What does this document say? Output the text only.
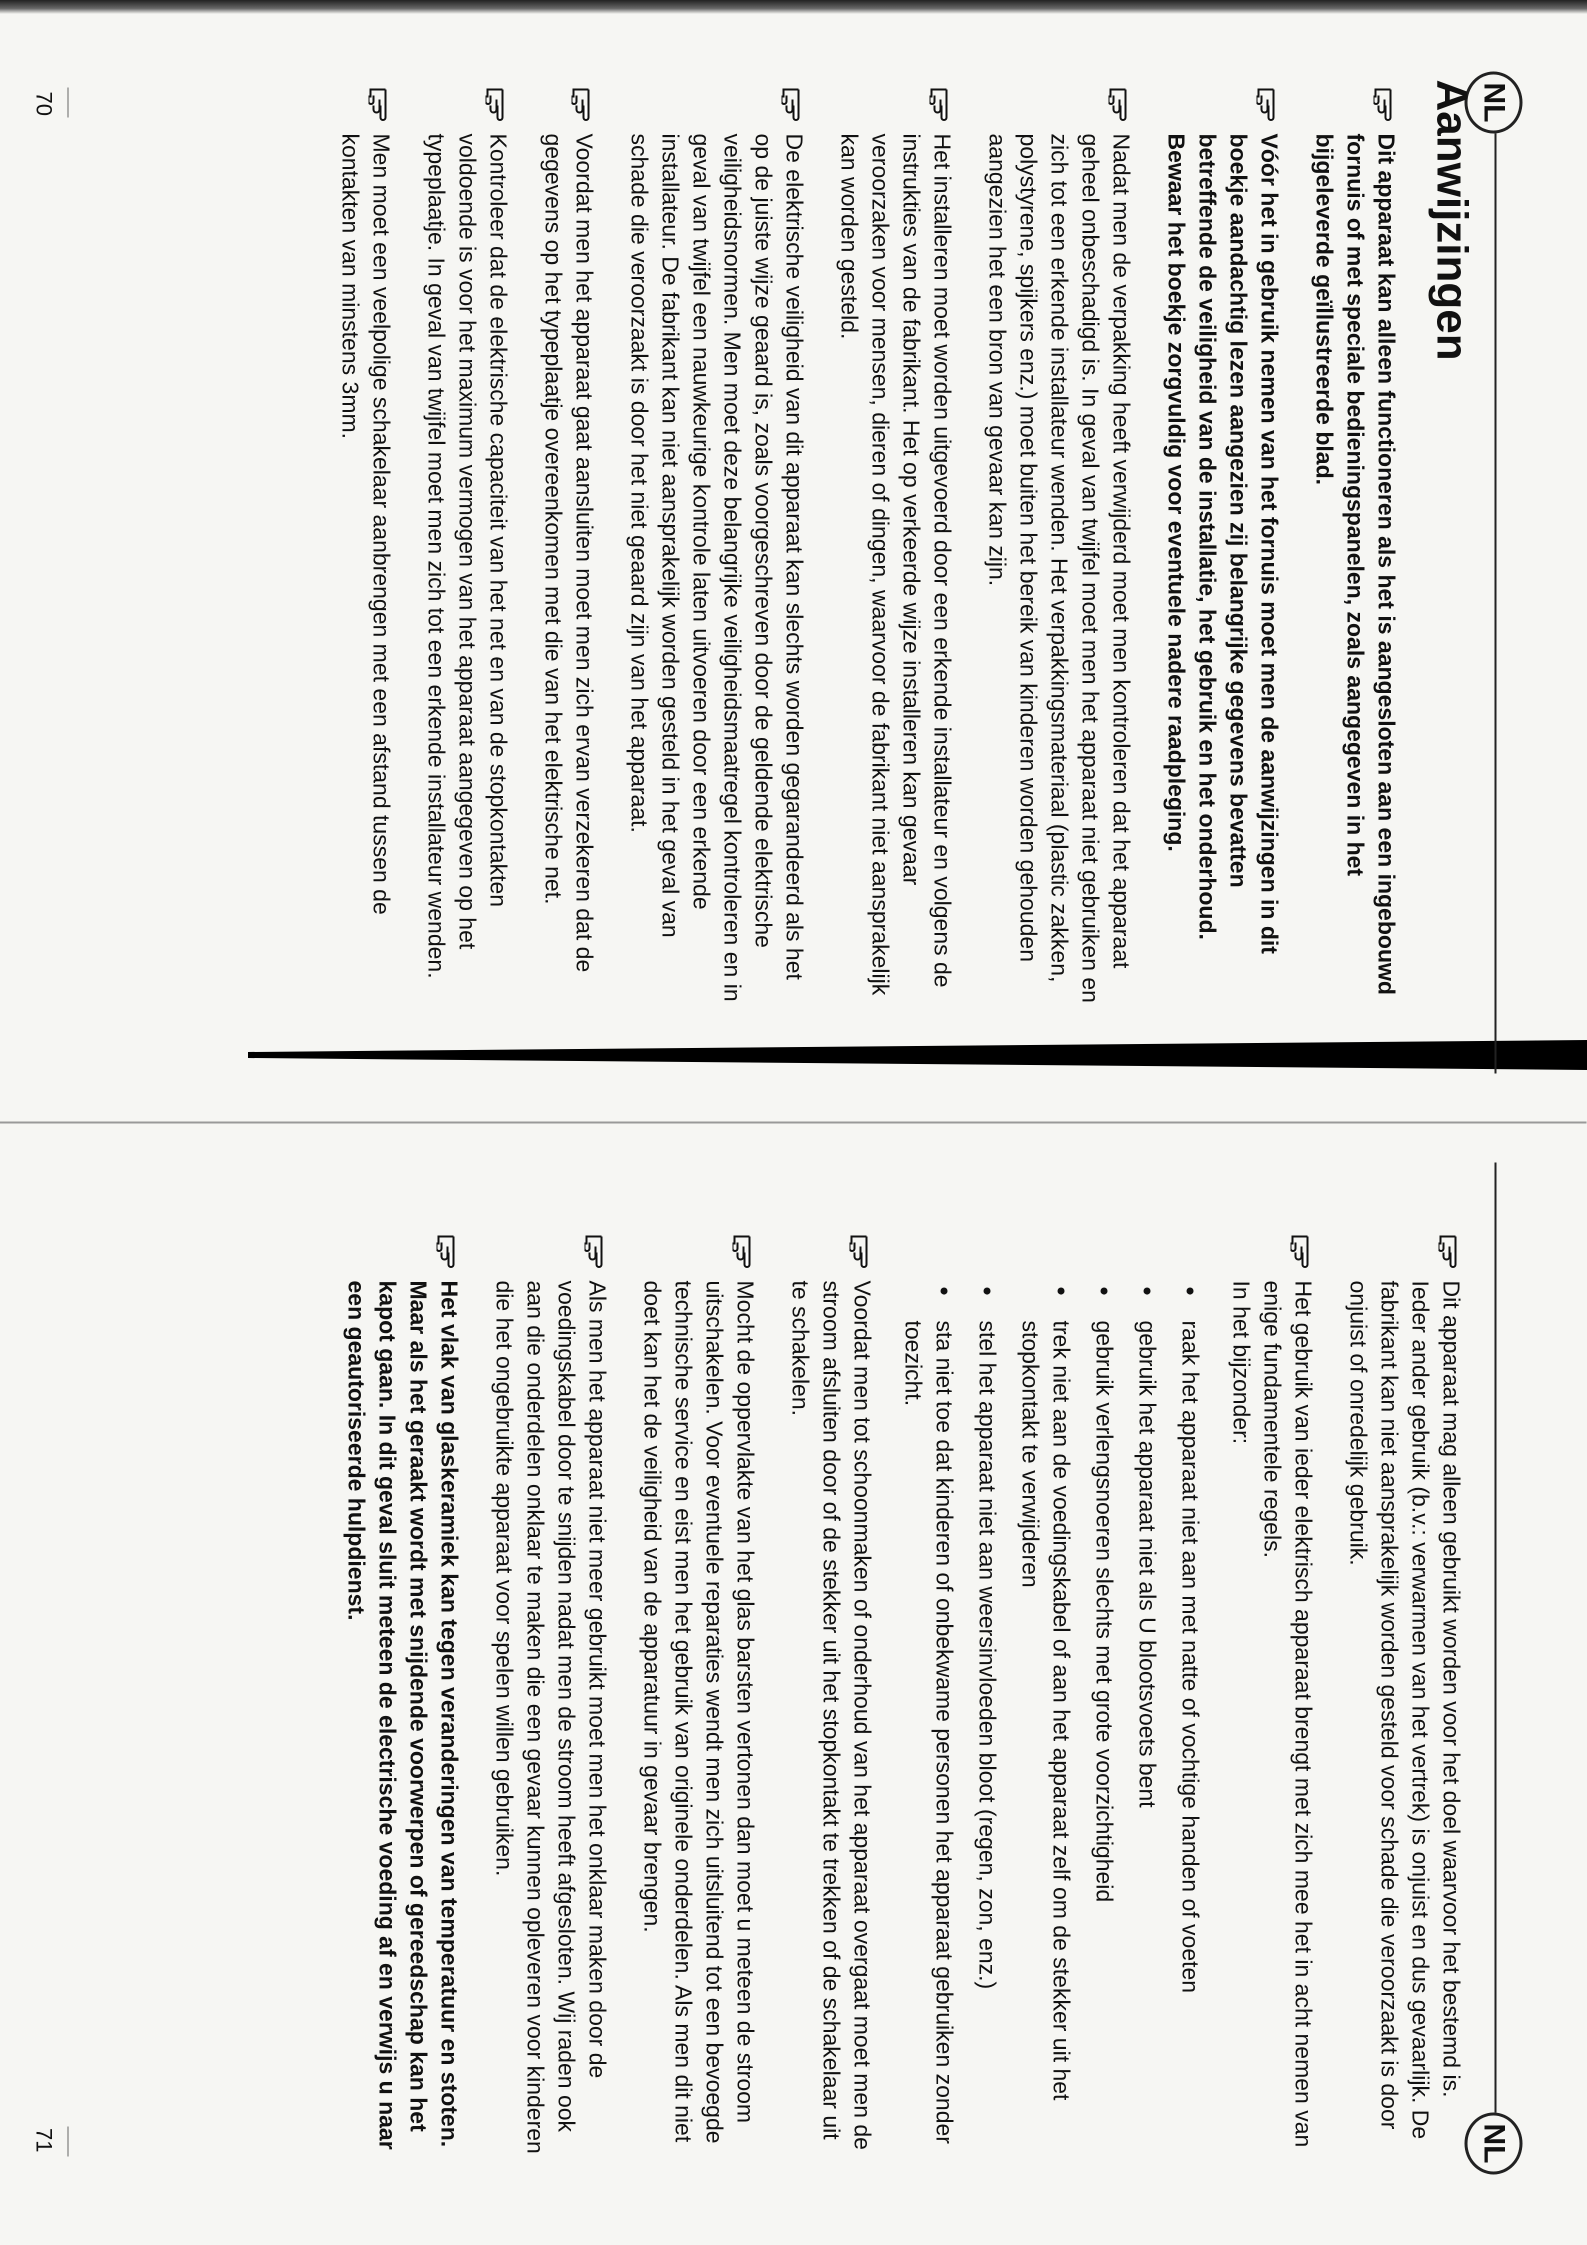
NL
Aanwijzingen

Dit apparaat kan alleen functioneren als het is aangesloten aan een ingebouwd fornuis of met speciale bedieningspanelen, zoals aangegeven in het bijgeleverde geïllustreerde blad.

Vóór het in gebruik nemen van het fornuis moet men de aanwijzingen in dit boekje aandachtig lezen aangezien zij belangrijke gegevens bevatten betreffende de veiligheid van de installatie, het gebruik en het onderhoud. Bewaar het boekje zorgvuldig voor eventuele nadere raadpleging.

Nadat men de verpakking heeft verwijderd moet men kontroleren dat het apparaat geheel onbeschadigd is. In geval van twijfel moet men het apparaat niet gebruiken en zich tot een erkende installateur wenden. Het verpakkingsmateriaal (plastic zakken, polystyrene, spijkers enz.) moet buiten het bereik van kinderen worden gehouden aangezien het een bron van gevaar kan zijn.

Het installeren moet worden uitgevoerd door een erkende installateur en volgens de instrukties van de fabrikant. Het op verkeerde wijze installeren kan gevaar veroorzaken voor mensen, dieren of dingen, waarvoor de fabrikant niet aansprakelijk kan worden gesteld.

De elektrische veiligheid van dit apparaat kan slechts worden gegarandeerd als het op de juiste wijze geaard is, zoals voorgeschreven door de geldende elektrische veiligheidsnormen. Men moet deze belangrijke veiligheidsmaatregel kontroleren en in geval van twijfel een nauwkeurige kontrole laten uitvoeren door een erkende installateur. De fabrikant kan niet aansprakelijk worden gesteld in het geval van schade die veroorzaakt is door het niet geaard zijn van het apparaat.

Voordat men het apparaat gaat aansluiten moet men zich ervan verzekeren dat de gegevens op het typeplaatje overeenkomen met die van het elektrische net.

Kontroleer dat de elektrische capaciteit van het net en van de stopkontakten voldoende is voor het maximum vermogen van het apparaat aangegeven op het typeplaatje. In geval van twijfel moet men zich tot een erkende installateur wenden.

Men moet een veelpolige schakelaar aanbrengen met een afstand tussen de kontakten van minstens 3mm.

70
NL

Dit apparaat mag alleen gebruikt worden voor het doel waarvoor het bestemd is. Ieder ander gebruik (b.v.: verwarmen van het vertrek) is onjuist en dus gevaarlijk. De fabrikant kan niet aansprakelijk worden gesteld voor schade die veroorzaakt is door onjuist of onredelijk gebruik.

Het gebruik van ieder elektrisch apparaat brengt met zich mee het in acht nemen van enige fundamentele regels.
In het bijzonder:

•
raak het apparaat niet aan met natte of vochtige handen of voeten
•
gebruik het apparaat niet als U blootsvoets bent
•
gebruik verlengsnoeren slechts met grote voorzichtigheid
•
trek niet aan de voedingskabel of aan het apparaat zelf om de stekker uit het stopkontakt te verwijderen
•
stel het apparaat niet aan weersinvloeden bloot (regen, zon, enz.)
•
sta niet toe dat kinderen of onbekwame personen het apparaat gebruiken zonder toezicht.

Voordat men tot schoonmaken of onderhoud van het apparaat overgaat moet men de stroom afsluiten door of de stekker uit het stopkontakt te trekken of de schakelaar uit te schakelen.

Mocht de oppervlakte van het glas barsten vertonen dan moet u meteen de stroom uitschakelen. Voor eventuele reparaties wendt men zich uitsluitend tot een bevoegde technische service en eist men het gebruik van originele onderdelen. Als men dit niet doet kan het de veiligheid van de apparatuur in gevaar brengen.

Als men het apparaat niet meer gebruikt moet men het onklaar maken door de voedingskabel door te snijden nadat men de stroom heeft afgesloten. Wij raden ook aan die onderdelen onklaar te maken die een gevaar kunnen opleveren voor kinderen die het ongebruikte apparaat voor spelen willen gebruiken.

Het vlak van glaskeramiek kan tegen veranderingen van temperatuur en stoten. Maar als het geraakt wordt met snijdende voorwerpen of gereedschap kan het kapot gaan. In dit geval sluit meteen de electrische voeding af en verwijs u naar een geautoriseerde hulpdienst.

71
